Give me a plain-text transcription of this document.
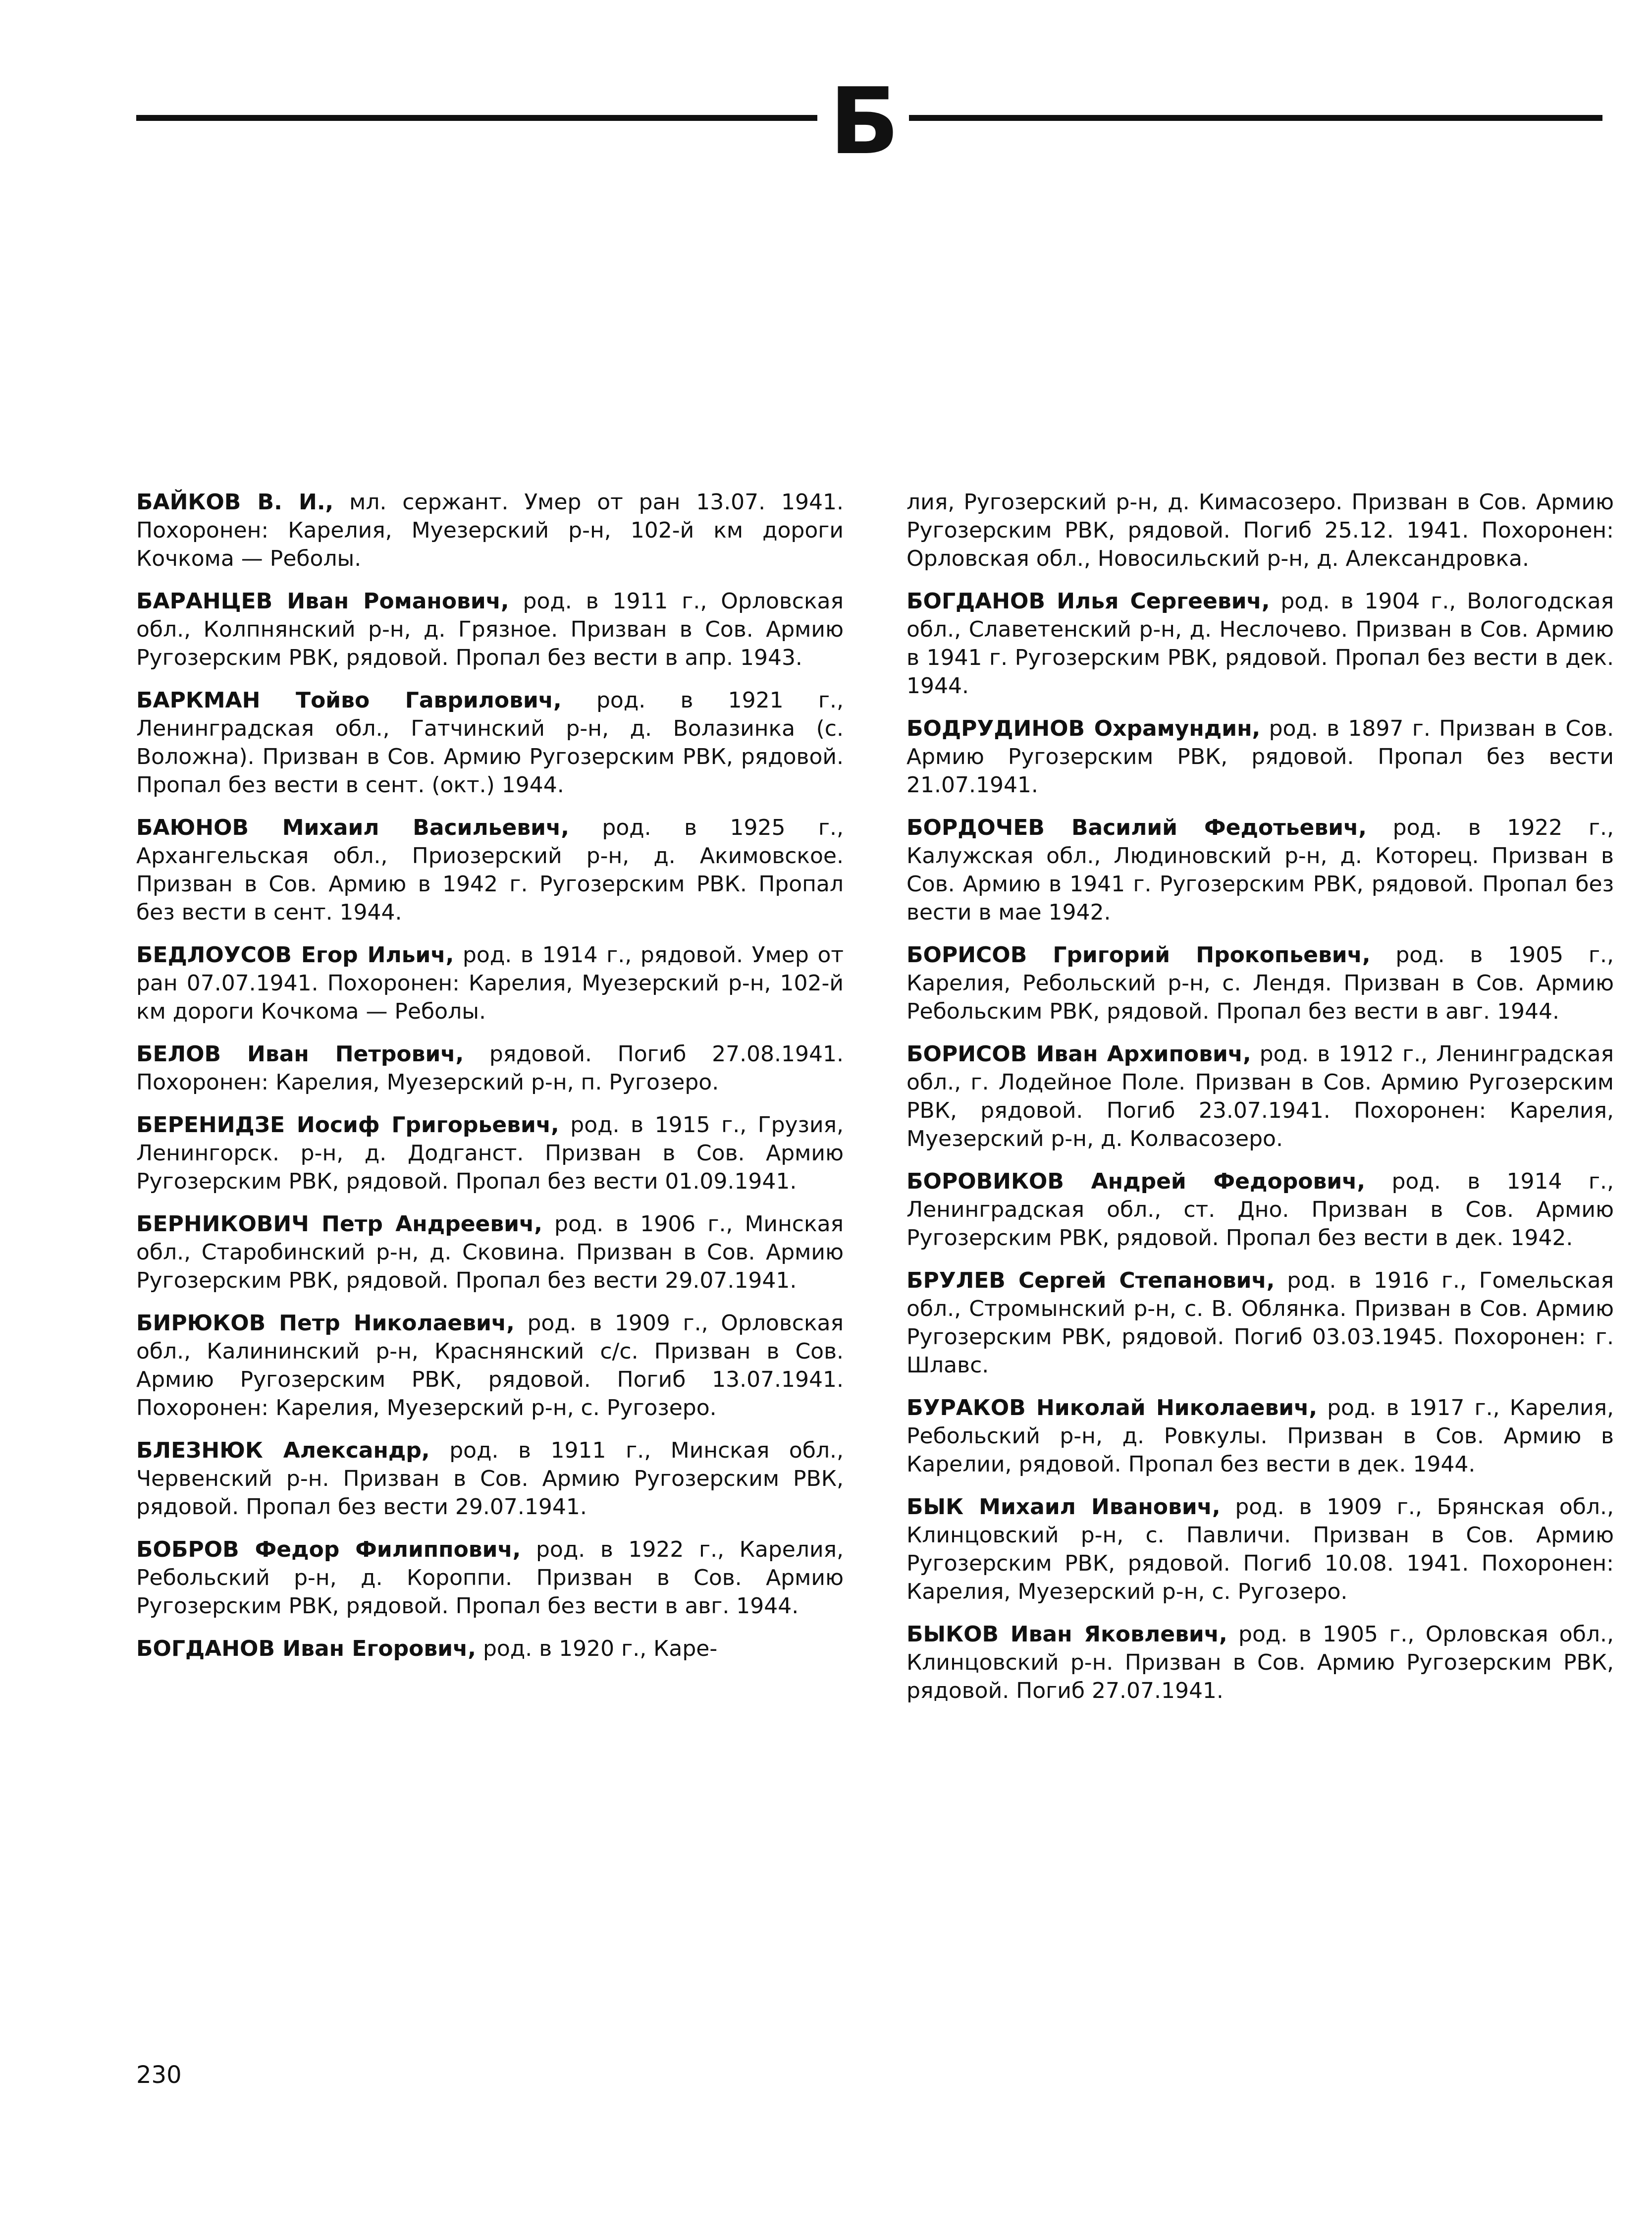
Б

БАЙКОВ В. И., мл. сержант. Умер от ран 13.07. 1941. Похоронен: Карелия, Муезерский р-н, 102-й км дороги Кочкома — Реболы.

БАРАНЦЕВ Иван Романович, род. в 1911 г., Орловская обл., Колпнянский р-н, д. Грязное. Призван в Сов. Армию Ругозерским РВК, рядовой. Пропал без вести в апр. 1943.

БАРКМАН Тойво Гаврилович, род. в 1921 г., Ленинградская обл., Гатчинский р-н, д. Волазинка (с. Воложна). Призван в Сов. Армию Ругозерским РВК, рядовой. Пропал без вести в сент. (окт.) 1944.

БАЮНОВ Михаил Васильевич, род. в 1925 г., Архангельская обл., Приозерский р-н, д. Акимовское. Призван в Сов. Армию в 1942 г. Ругозерским РВК. Пропал без вести в сент. 1944.

БЕДЛОУСОВ Егор Ильич, род. в 1914 г., рядовой. Умер от ран 07.07.1941. Похоронен: Карелия, Муезерский р-н, 102-й км дороги Кочкома — Реболы.

БЕЛОВ Иван Петрович, рядовой. Погиб 27.08.1941. Похоронен: Карелия, Муезерский р-н, п. Ругозеро.

БЕРЕНИДЗЕ Иосиф Григорьевич, род. в 1915 г., Грузия, Ленингорск. р-н, д. Додганст. Призван в Сов. Армию Ругозерским РВК, рядовой. Пропал без вести 01.09.1941.

БЕРНИКОВИЧ Петр Андреевич, род. в 1906 г., Минская обл., Старобинский р-н, д. Сковина. Призван в Сов. Армию Ругозерским РВК, рядовой. Пропал без вести 29.07.1941.

БИРЮКОВ Петр Николаевич, род. в 1909 г., Орловская обл., Калининский р-н, Краснянский с/с. Призван в Сов. Армию Ругозерским РВК, рядовой. Погиб 13.07.1941. Похоронен: Карелия, Муезерский р-н, с. Ругозеро.

БЛЕЗНЮК Александр, род. в 1911 г., Минская обл., Червенский р-н. Призван в Сов. Армию Ругозерским РВК, рядовой. Пропал без вести 29.07.1941.

БОБРОВ Федор Филиппович, род. в 1922 г., Карелия, Ребольский р-н, д. Короппи. Призван в Сов. Армию Ругозерским РВК, рядовой. Пропал без вести в авг. 1944.

БОГДАНОВ Иван Егорович, род. в 1920 г., Каре-

лия, Ругозерский р-н, д. Кимасозеро. Призван в Сов. Армию Ругозерским РВК, рядовой. Погиб 25.12. 1941. Похоронен: Орловская обл., Новосильский р-н, д. Александровка.

БОГДАНОВ Илья Сергеевич, род. в 1904 г., Вологодская обл., Славетенский р-н, д. Неслочево. Призван в Сов. Армию в 1941 г. Ругозерским РВК, рядовой. Пропал без вести в дек. 1944.

БОДРУДИНОВ Охрамундин, род. в 1897 г. Призван в Сов. Армию Ругозерским РВК, рядовой. Пропал без вести 21.07.1941.

БОРДОЧЕВ Василий Федотьевич, род. в 1922 г., Калужская обл., Людиновский р-н, д. Которец. Призван в Сов. Армию в 1941 г. Ругозерским РВК, рядовой. Пропал без вести в мае 1942.

БОРИСОВ Григорий Прокопьевич, род. в 1905 г., Карелия, Ребольский р-н, с. Лендя. Призван в Сов. Армию Ребольским РВК, рядовой. Пропал без вести в авг. 1944.

БОРИСОВ Иван Архипович, род. в 1912 г., Ленинградская обл., г. Лодейное Поле. Призван в Сов. Армию Ругозерским РВК, рядовой. Погиб 23.07.1941. Похоронен: Карелия, Муезерский р-н, д. Колвасозеро.

БОРОВИКОВ Андрей Федорович, род. в 1914 г., Ленинградская обл., ст. Дно. Призван в Сов. Армию Ругозерским РВК, рядовой. Пропал без вести в дек. 1942.

БРУЛЕВ Сергей Степанович, род. в 1916 г., Гомельская обл., Стромынский р-н, с. В. Облянка. Призван в Сов. Армию Ругозерским РВК, рядовой. Погиб 03.03.1945. Похоронен: г. Шлавс.

БУРАКОВ Николай Николаевич, род. в 1917 г., Карелия, Ребольский р-н, д. Ровкулы. Призван в Сов. Армию в Карелии, рядовой. Пропал без вести в дек. 1944.

БЫК Михаил Иванович, род. в 1909 г., Брянская обл., Клинцовский р-н, с. Павличи. Призван в Сов. Армию Ругозерским РВК, рядовой. Погиб 10.08. 1941. Похоронен: Карелия, Муезерский р-н, с. Ругозеро.

БЫКОВ Иван Яковлевич, род. в 1905 г., Орловская обл., Клинцовский р-н. Призван в Сов. Армию Ругозерским РВК, рядовой. Погиб 27.07.1941.

230
